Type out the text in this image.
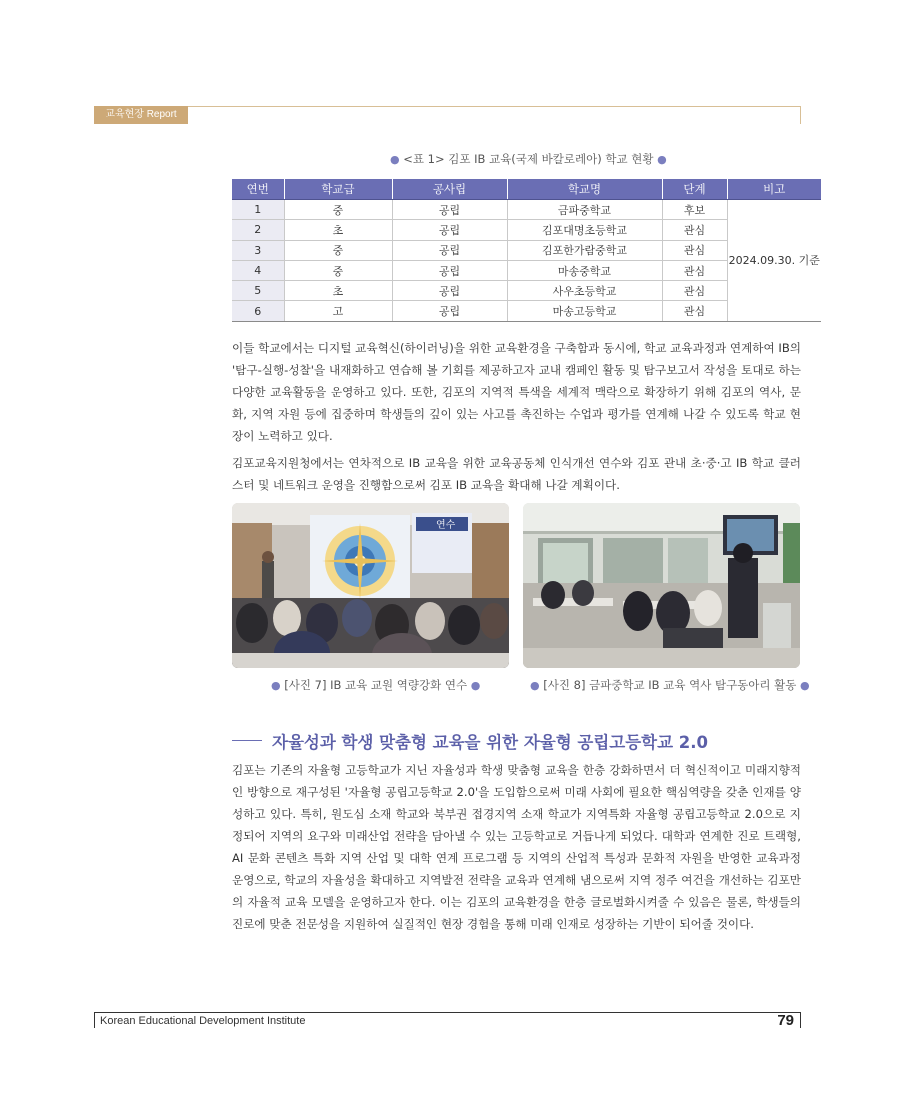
교육현장 Report
● <표 1> 김포 IB 교육(국제 바칼로레아) 학교 현황 ●
연번	학교급	공사립	학교명	단계	비고
1	중	공립	금파중학교	후보	2024.09.30. 기준
2	초	공립	김포대명초등학교	관심	
3	중	공립	김포한가람중학교	관심	
4	중	공립	마송중학교	관심	
5	초	공립	사우초등학교	관심	
6	고	공립	마송고등학교	관심	

이들 학교에서는 디지털 교육혁신(하이러닝)을 위한 교육환경을 구축함과 동시에, 학교 교육과정과 연계하여 IB의 '탐구-실행-성찰'을 내재화하고 연습해 볼 기회를 제공하고자 교내 캠페인 활동 및 탐구보고서 작성을 토대로 하는 다양한 교육활동을 운영하고 있다. 또한, 김포의 지역적 특색을 세계적 맥락으로 확장하기 위해 김포의 역사, 문화, 지역 자원 등에 집중하며 학생들의 깊이 있는 사고를 촉진하는 수업과 평가를 연계해 나갈 수 있도록 학교 현장이 노력하고 있다.

김포교육지원청에서는 연차적으로 IB 교육을 위한 교육공동체 인식개선 연수와 김포 관내 초·중·고 IB 학교 클러스터 및 네트워크 운영을 진행함으로써 김포 IB 교육을 확대해 나갈 계획이다.

연수
● [사진 7] IB 교육 교원 역량강화 연수 ●	● [사진 8] 금파중학교 IB 교육 역사 탐구동아리 활동 ●
자율성과 학생 맞춤형 교육을 위한 자율형 공립고등학교 2.0

김포는 기존의 자율형 고등학교가 지닌 자율성과 학생 맞춤형 교육을 한층 강화하면서 더 혁신적이고 미래지향적인 방향으로 재구성된 '자율형 공립고등학교 2.0'을 도입함으로써 미래 사회에 필요한 핵심역량을 갖춘 인재를 양성하고 있다. 특히, 원도심 소재 학교와 북부권 접경지역 소재 학교가 지역특화 자율형 공립고등학교 2.0으로 지정되어 지역의 요구와 미래산업 전략을 담아낼 수 있는 고등학교로 거듭나게 되었다. 대학과 연계한 진로 트랙형, AI 문화 콘텐츠 특화 지역 산업 및 대학 연계 프로그램 등 지역의 산업적 특성과 문화적 자원을 반영한 교육과정 운영으로, 학교의 자율성을 확대하고 지역발전 전략을 교육과 연계해 냄으로써 지역 정주 여건을 개선하는 김포만의 자율적 교육 모델을 운영하고자 한다. 이는 김포의 교육환경을 한층 글로벌화시켜줄 수 있음은 물론, 학생들의 진로에 맞춘 전문성을 지원하여 실질적인 현장 경험을 통해 미래 인재로 성장하는 기반이 되어줄 것이다.

Korean Educational Development Institute	79
